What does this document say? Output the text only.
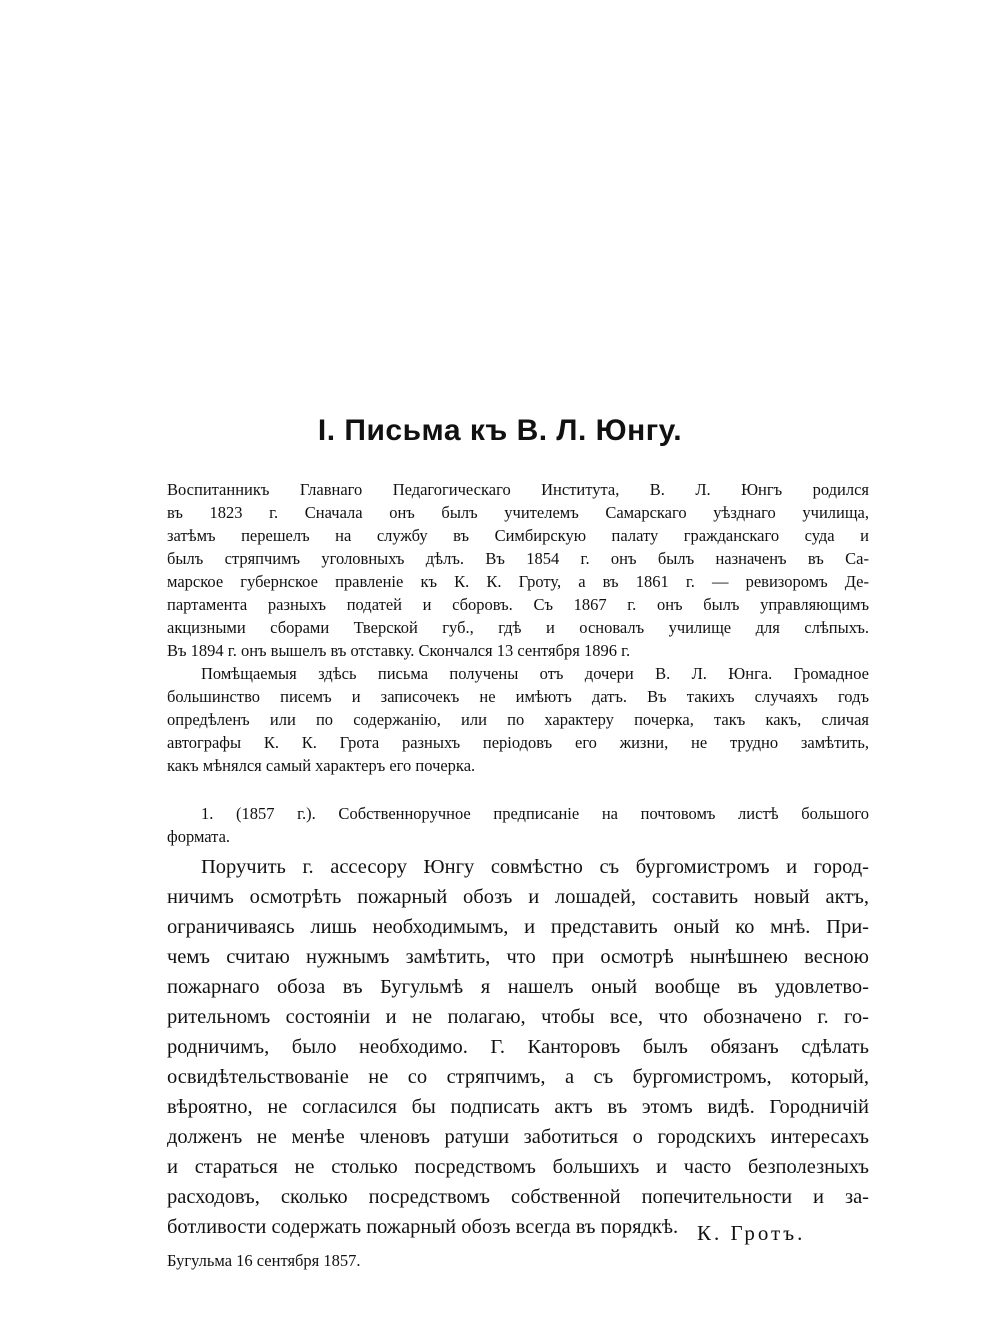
I. Письма къ В. Л. Юнгу.
Воспитанникъ Главнаго Педагогическаго Института, В. Л. Юнгъ родился
въ 1823 г. Сначала онъ былъ учителемъ Самарскаго уѣзднаго училища,
затѣмъ перешелъ на службу въ Симбирскую палату гражданскаго суда и
былъ стряпчимъ уголовныхъ дѣлъ. Въ 1854 г. онъ былъ назначенъ въ Са-
марское губернское правленіе къ К. К. Гроту, а въ 1861 г. — ревизоромъ Де-
партамента разныхъ податей и сборовъ. Съ 1867 г. онъ былъ управляющимъ
акцизными сборами Тверской губ., гдѣ и основалъ училище для слѣпыхъ.
Въ 1894 г. онъ вышелъ въ отставку. Скончался 13 сентября 1896 г.
Помѣщаемыя здѣсь письма получены отъ дочери В. Л. Юнга. Громадное
большинство писемъ и записочекъ не имѣютъ датъ. Въ такихъ случаяхъ годъ
опредѣленъ или по содержанію, или по характеру почерка, такъ какъ, сличая
автографы К. К. Грота разныхъ періодовъ его жизни, не трудно замѣтить,
какъ мѣнялся самый характеръ его почерка.
1. (1857 г.). Собственноручное предписаніе на почтовомъ листѣ большого
формата.
Поручить г. ассесору Юнгу совмѣстно съ бургомистромъ и город-
ничимъ осмотрѣть пожарный обозъ и лошадей, составить новый актъ,
ограничиваясь лишь необходимымъ, и представить оный ко мнѣ. При-
чемъ считаю нужнымъ замѣтить, что при осмотрѣ нынѣшнею весною
пожарнаго обоза въ Бугульмѣ я нашелъ оный вообще въ удовлетво-
рительномъ состояніи и не полагаю, чтобы все, что обозначено г. го-
родничимъ, было необходимо. Г. Канторовъ былъ обязанъ сдѣлать
освидѣтельствованіе не со стряпчимъ, а съ бургомистромъ, который,
вѣроятно, не согласился бы подписать актъ въ этомъ видѣ. Городничій
долженъ не менѣе членовъ ратуши заботиться о городскихъ интересахъ
и стараться не столько посредствомъ большихъ и часто безполезныхъ
расходовъ, сколько посредствомъ собственной попечительности и за-
ботливости содержать пожарный обозъ всегда въ порядкѣ. К. Гротъ.

Бугульма 16 сентября 1857.
